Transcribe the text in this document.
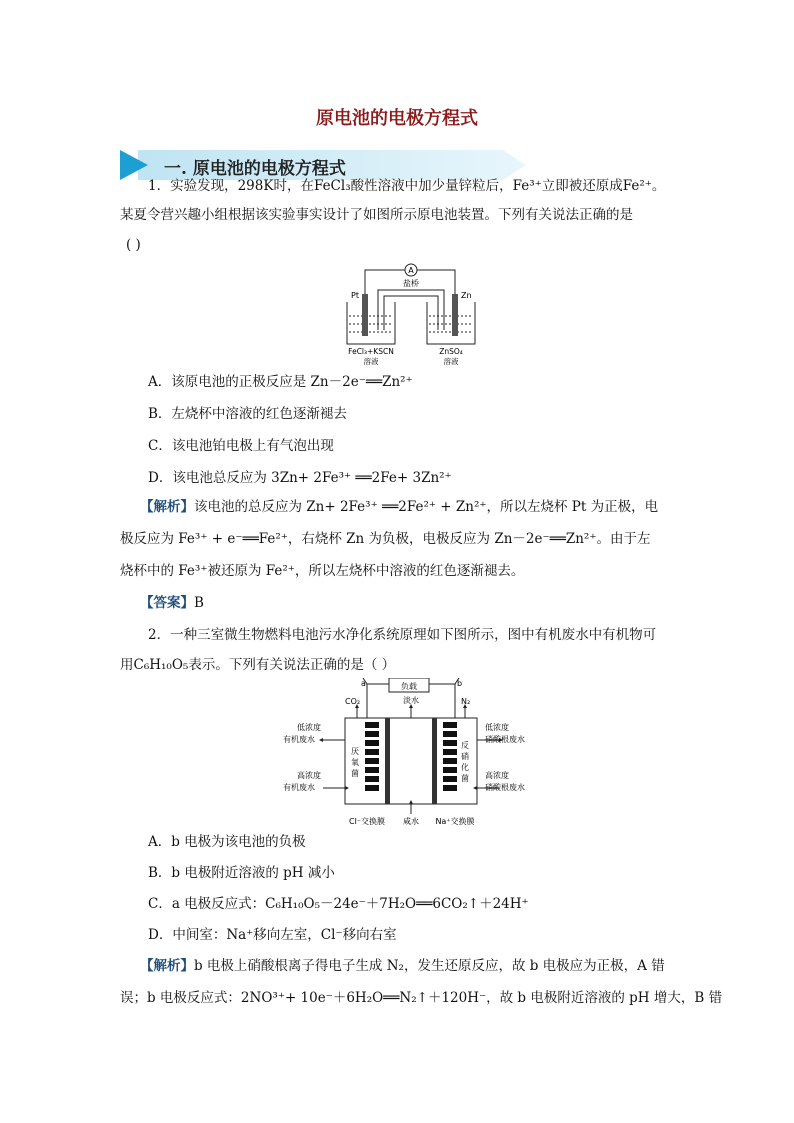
原电池的电极方程式
一. 原电池的电极方程式
1．实验发现，298K时，在FeCl₃酸性溶液中加少量锌粒后，Fe³⁺立即被还原成Fe²⁺。
某夏令营兴趣小组根据该实验事实设计了如图所示原电池装置。下列有关说法正确的是
( )
A
盐桥
Pt	Zn
FeCl₃+KSCN
溶液
ZnSO₄
溶液
A．该原电池的正极反应是 Zn－2e⁻══Zn²⁺
B．左烧杯中溶液的红色逐渐褪去
C．该电池铂电极上有气泡出现
D．该电池总反应为 3Zn+ 2Fe³⁺ ══2Fe+ 3Zn²⁺
【解析】该电池的总反应为 Zn+ 2Fe³⁺ ══2Fe²⁺ + Zn²⁺，所以左烧杯 Pt 为正极，电
极反应为 Fe³⁺ + e⁻══Fe²⁺，右烧杯 Zn 为负极，电极反应为 Zn－2e⁻══Zn²⁺。由于左
烧杯中的 Fe³⁺被还原为 Fe²⁺，所以左烧杯中溶液的红色逐渐褪去。
【答案】B
2．一种三室微生物燃料电池污水净化系统原理如下图所示，图中有机废水中有机物可
用C₆H₁₀O₅表示。下列有关说法正确的是（ ）
a	b
负载
CO₂	N₂
淡水
低浓度
有机废水
高浓度
有机废水
低浓度
硝酸根废水
高浓度
硝酸根废水
厌
氧
菌
反
硝
化
菌
Cl⁻交换膜 咸水 Na⁺交换膜
A．b 电极为该电池的负极
B．b 电极附近溶液的 pH 减小
C．a 电极反应式：C₆H₁₀O₅－24e⁻＋7H₂O══6CO₂↑＋24H⁺
D．中间室：Na⁺移向左室，Cl⁻移向右室
【解析】b 电极上硝酸根离子得电子生成 N₂，发生还原反应，故 b 电极应为正极，A 错
误；b 电极反应式：2NO³⁺+ 10e⁻＋6H₂O══N₂↑＋120H⁻，故 b 电极附近溶液的 pH 增大，B 错
